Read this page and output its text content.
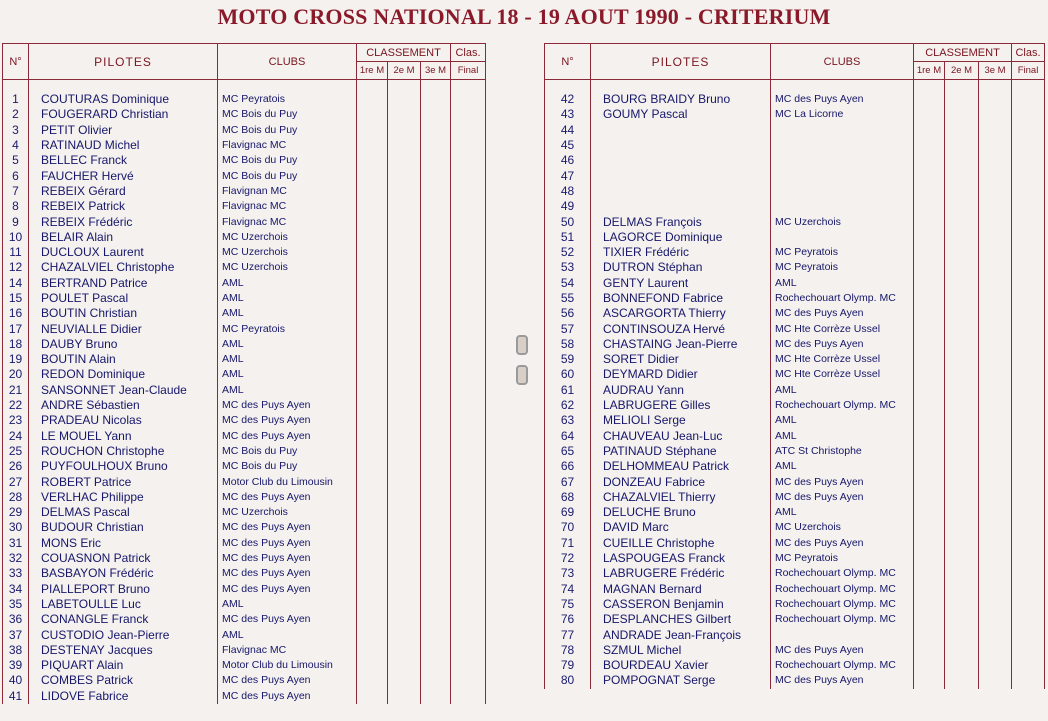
MOTO CROSS NATIONAL 18 - 19 AOUT 1990 - CRITERIUM
N°	PILOTES	CLUBS	CLASSEMENT			Clas.
			1re M	2e M	3e M	Final

1	COUTURAS Dominique	MC Peyratois				
2	FOUGERARD Christian	MC Bois du Puy				
3	PETIT Olivier	MC Bois du Puy				
4	RATINAUD Michel	Flavignac MC				
5	BELLEC Franck	MC Bois du Puy				
6	FAUCHER Hervé	MC Bois du Puy				
7	REBEIX Gérard	Flavignan MC				
8	REBEIX Patrick	Flavignac MC				
9	REBEIX Frédéric	Flavignac MC				
10	BELAIR Alain	MC Uzerchois				
11	DUCLOUX Laurent	MC Uzerchois				
12	CHAZALVIEL Christophe	MC Uzerchois				
14	BERTRAND Patrice	AML				
15	POULET Pascal	AML				
16	BOUTIN Christian	AML				
17	NEUVIALLE Didier	MC Peyratois				
18	DAUBY Bruno	AML				
19	BOUTIN Alain	AML				
20	REDON Dominique	AML				
21	SANSONNET Jean-Claude	AML				
22	ANDRE Sébastien	MC des Puys Ayen				
23	PRADEAU Nicolas	MC des Puys Ayen				
24	LE MOUEL Yann	MC des Puys Ayen				
25	ROUCHON Christophe	MC Bois du Puy				
26	PUYFOULHOUX Bruno	MC Bois du Puy				
27	ROBERT Patrice	Motor Club du Limousin				
28	VERLHAC Philippe	MC des Puys Ayen				
29	DELMAS Pascal	MC Uzerchois				
30	BUDOUR Christian	MC des Puys Ayen				
31	MONS Eric	MC des Puys Ayen				
32	COUASNON Patrick	MC des Puys Ayen				
33	BASBAYON Frédéric	MC des Puys Ayen				
34	PIALLEPORT Bruno	MC des Puys Ayen				
35	LABETOULLE Luc	AML				
36	CONANGLE Franck	MC des Puys Ayen				
37	CUSTODIO Jean-Pierre	AML				
38	DESTENAY Jacques	Flavignac MC				
39	PIQUART Alain	Motor Club du Limousin				
40	COMBES Patrick	MC des Puys Ayen				
41	LIDOVE Fabrice	MC des Puys Ayen				
N°	PILOTES	CLUBS	CLASSEMENT			Clas.
			1re M	2e M	3e M	Final

42	BOURG BRAIDY Bruno	MC des Puys Ayen				
43	GOUMY Pascal	MC La Licorne				
44						
45						
46						
47						
48						
49						
50	DELMAS François	MC Uzerchois				
51	LAGORCE Dominique					
52	TIXIER Frédéric	MC Peyratois				
53	DUTRON Stéphan	MC Peyratois				
54	GENTY Laurent	AML				
55	BONNEFOND Fabrice	Rochechouart Olymp. MC				
56	ASCARGORTA Thierry	MC des Puys Ayen				
57	CONTINSOUZA Hervé	MC Hte Corrèze Ussel				
58	CHASTAING Jean-Pierre	MC des Puys Ayen				
59	SORET Didier	MC Hte Corrèze Ussel				
60	DEYMARD Didier	MC Hte Corrèze Ussel				
61	AUDRAU Yann	AML				
62	LABRUGERE Gilles	Rochechouart Olymp. MC				
63	MELIOLI Serge	AML				
64	CHAUVEAU Jean-Luc	AML				
65	PATINAUD Stéphane	ATC St Christophe				
66	DELHOMMEAU Patrick	AML				
67	DONZEAU Fabrice	MC des Puys Ayen				
68	CHAZALVIEL Thierry	MC des Puys Ayen				
69	DELUCHE Bruno	AML				
70	DAVID Marc	MC Uzerchois				
71	CUEILLE Christophe	MC des Puys Ayen				
72	LASPOUGEAS Franck	MC Peyratois				
73	LABRUGERE Frédéric	Rochechouart Olymp. MC				
74	MAGNAN Bernard	Rochechouart Olymp. MC				
75	CASSERON Benjamin	Rochechouart Olymp. MC				
76	DESPLANCHES Gilbert	Rochechouart Olymp. MC				
77	ANDRADE Jean-François					
78	SZMUL Michel	MC des Puys Ayen				
79	BOURDEAU Xavier	Rochechouart Olymp. MC				
80	POMPOGNAT Serge	MC des Puys Ayen				
